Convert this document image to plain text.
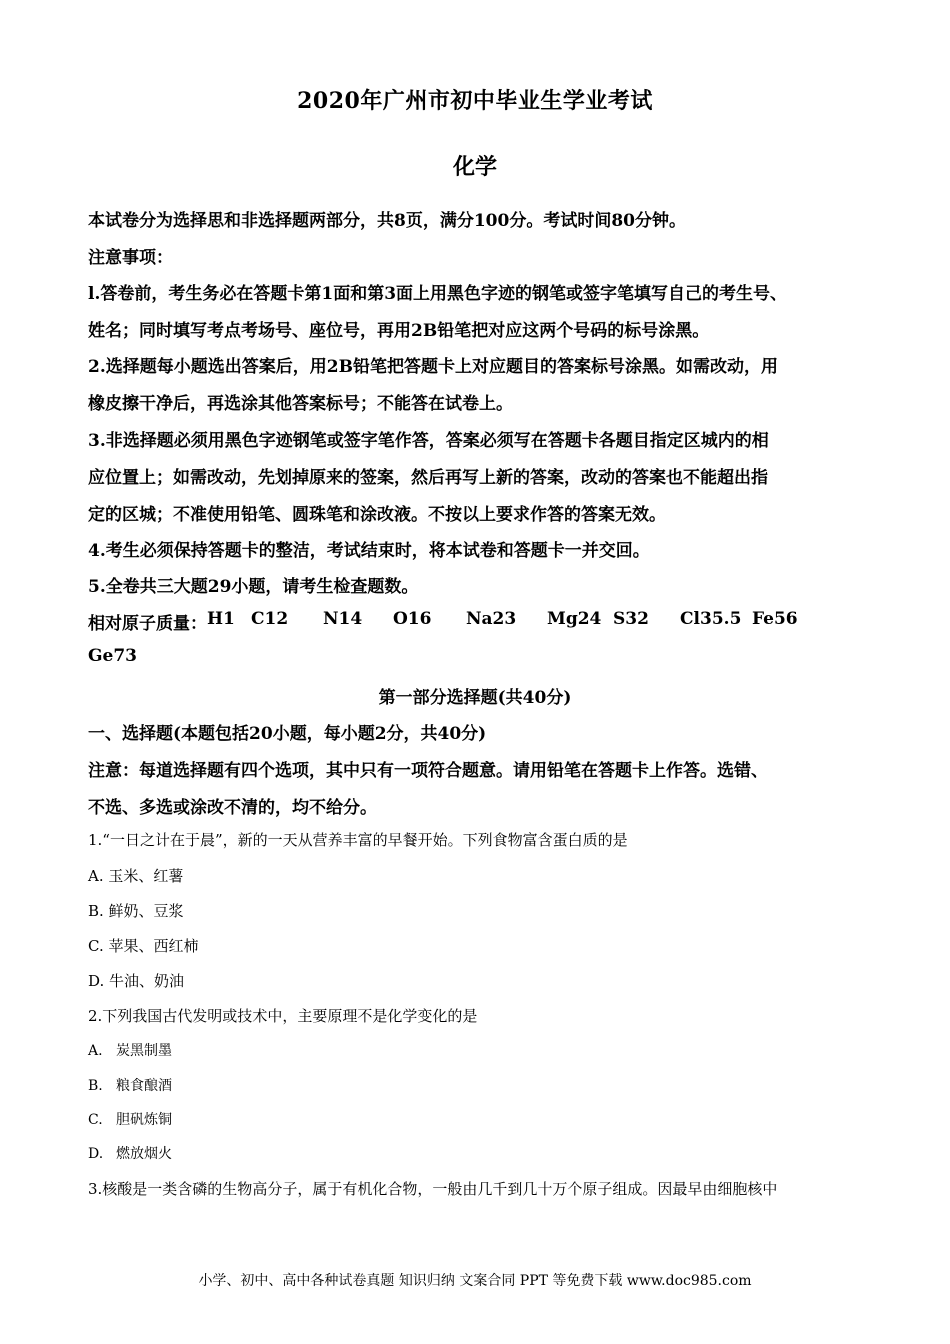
2020年广州市初中毕业生学业考试
化学
本试卷分为选择思和非选择题两部分，共8页，满分100分。考试时间80分钟。
注意事项：
l.答卷前，考生务必在答题卡第1面和第3面上用黑色字迹的钢笔或签字笔填写自己的考生号、
姓名；同时填写考点考场号、座位号，再用2B铅笔把对应这两个号码的标号涂黑。
2.选择题每小题选出答案后，用2B铅笔把答题卡上对应题目的答案标号涂黑。如需改动，用
橡皮擦干净后，再选涂其他答案标号；不能答在试卷上。
3.非选择题必须用黑色字迹钢笔或签字笔作答，答案必须写在答题卡各题目指定区城内的相
应位置上；如需改动，先划掉原来的签案，然后再写上新的答案，改动的答案也不能超出指
定的区城；不准使用铅笔、圆珠笔和涂改液。不按以上要求作答的答案无效。
4.考生必须保持答题卡的整洁，考试结束时，将本试卷和答题卡一并交回。
5.全卷共三大题29小题，请考生检查题数。
相对原子质量： H1 C12	N14	O16	Na23	Mg24 S32	Cl35.5 Fe56
Ge73
第一部分选择题(共40分)
一、选择题(本题包括20小题，每小题2分，共40分)
注意：每道选择题有四个选项，其中只有一项符合题意。请用铅笔在答题卡上作答。选错、
不选、多选或涂改不清的，均不给分。
1.“一日之计在于晨”，新的一天从营养丰富的早餐开始。下列食物富含蛋白质的是
A. 玉米、红薯
B. 鲜奶、豆浆
C. 苹果、西红柿
D. 牛油、奶油
2.下列我国古代发明或技术中，主要原理不是化学变化的是
A. 炭黑制墨
B. 粮食酿酒
C. 胆矾炼铜
D. 燃放烟火
3.核酸是一类含磷的生物高分子，属于有机化合物，一般由几千到几十万个原子组成。因最早由细胞核中
小学、初中、高中各种试卷真题 知识归纳 文案合同 PPT 等免费下载 www.doc985.com
